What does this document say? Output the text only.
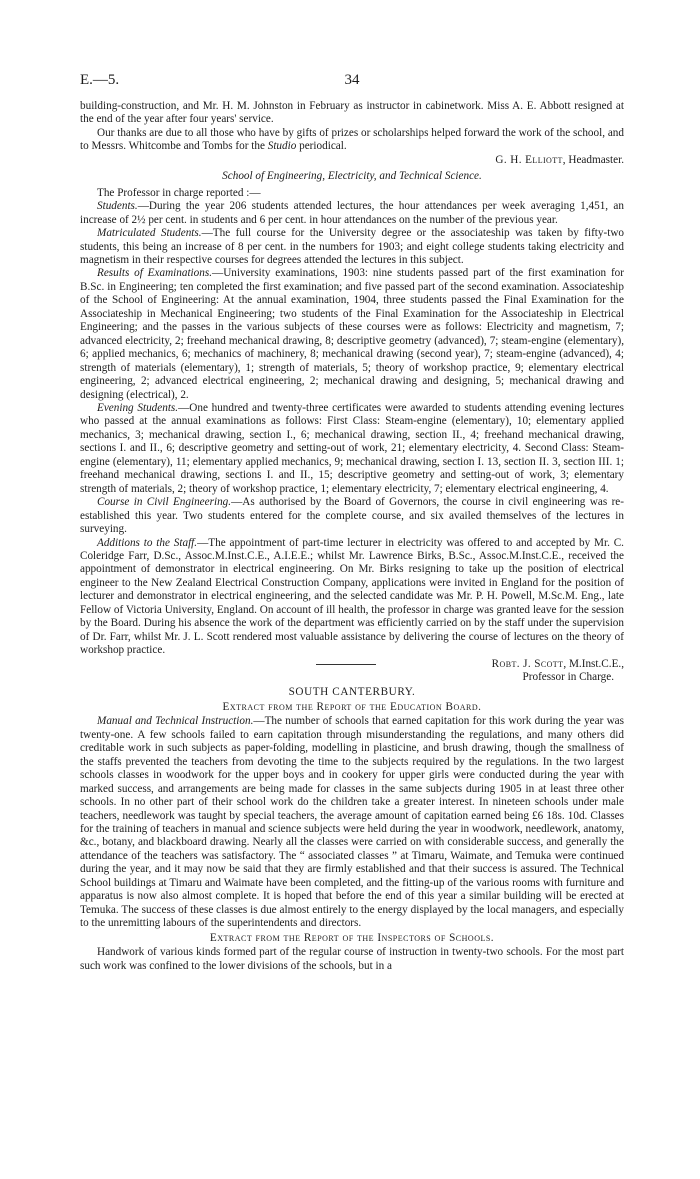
E.—5.	34

building-construction, and Mr. H. M. Johnston in February as instructor in cabinetwork. Miss A. E. Abbott resigned at the end of the year after four years' service.

Our thanks are due to all those who have by gifts of prizes or scholarships helped forward the work of the school, and to Messrs. Whitcombe and Tombs for the Studio periodical.

G. H. Elliott, Headmaster.

School of Engineering, Electricity, and Technical Science.

The Professor in charge reported :—

Students.—During the year 206 students attended lectures, the hour attendances per week averaging 1,451, an increase of 2½ per cent. in students and 6 per cent. in hour attendances on the number of the previous year.

Matriculated Students.—The full course for the University degree or the associateship was taken by fifty-two students, this being an increase of 8 per cent. in the numbers for 1903; and eight college students taking electricity and magnetism in their respective courses for degrees attended the lectures in this subject.

Results of Examinations.—University examinations, 1903: nine students passed part of the first examination for B.Sc. in Engineering; ten completed the first examination; and five passed part of the second examination. Associateship of the School of Engineering: At the annual examination, 1904, three students passed the Final Examination for the Associateship in Mechanical Engineering; two students of the Final Examination for the Associateship in Electrical Engineering; and the passes in the various subjects of these courses were as follows: Electricity and magnetism, 7; advanced electricity, 2; freehand mechanical drawing, 8; descriptive geometry (advanced), 7; steam-engine (elementary), 6; applied mechanics, 6; mechanics of machinery, 8; mechanical drawing (second year), 7; steam-engine (advanced), 4; strength of materials (elementary), 1; strength of materials, 5; theory of workshop practice, 9; elementary electrical engineering, 2; advanced electrical engineering, 2; mechanical drawing and designing, 5; mechanical drawing and designing (electrical), 2.

Evening Students.—One hundred and twenty-three certificates were awarded to students attending evening lectures who passed at the annual examinations as follows: First Class: Steam-engine (elementary), 10; elementary applied mechanics, 3; mechanical drawing, section I., 6; mechanical drawing, section II., 4; freehand mechanical drawing, sections I. and II., 6; descriptive geometry and setting-out of work, 21; elementary electricity, 4. Second Class: Steam-engine (elementary), 11; elementary applied mechanics, 9; mechanical drawing, section I. 13, section II. 3, section III. 1; freehand mechanical drawing, sections I. and II., 15; descriptive geometry and setting-out of work, 3; elementary strength of materials, 2; theory of workshop practice, 1; elementary electricity, 7; elementary electrical engineering, 4.

Course in Civil Engineering.—As authorised by the Board of Governors, the course in civil engineering was re-established this year. Two students entered for the complete course, and six availed themselves of the lectures in surveying.

Additions to the Staff.—The appointment of part-time lecturer in electricity was offered to and accepted by Mr. C. Coleridge Farr, D.Sc., Assoc.M.Inst.C.E., A.I.E.E.; whilst Mr. Lawrence Birks, B.Sc., Assoc.M.Inst.C.E., received the appointment of demonstrator in electrical engineering. On Mr. Birks resigning to take up the position of electrical engineer to the New Zealand Electrical Construction Company, applications were invited in England for the position of lecturer and demonstrator in electrical engineering, and the selected candidate was Mr. P. H. Powell, M.Sc.M. Eng., late Fellow of Victoria University, England. On account of ill health, the professor in charge was granted leave for the session by the Board. During his absence the work of the department was efficiently carried on by the staff under the supervision of Dr. Farr, whilst Mr. J. L. Scott rendered most valuable assistance by delivering the course of lectures on the theory of workshop practice.

Robt. J. Scott, M.Inst.C.E.,

Professor in Charge.

SOUTH CANTERBURY.
Extract from the Report of the Education Board.

Manual and Technical Instruction.—The number of schools that earned capitation for this work during the year was twenty-one. A few schools failed to earn capitation through misunderstanding the regulations, and many others did creditable work in such subjects as paper-folding, modelling in plasticine, and brush drawing, though the smallness of the staffs prevented the teachers from devoting the time to the subjects required by the regulations. In the two largest schools classes in woodwork for the upper boys and in cookery for upper girls were conducted during the year with marked success, and arrangements are being made for classes in the same subjects during 1905 in at least three other schools. In no other part of their school work do the children take a greater interest. In nineteen schools under male teachers, needlework was taught by special teachers, the average amount of capitation earned being £6 18s. 10d. Classes for the training of teachers in manual and science subjects were held during the year in woodwork, needlework, anatomy, &c., botany, and blackboard drawing. Nearly all the classes were carried on with considerable success, and generally the attendance of the teachers was satisfactory. The “ associated classes ” at Timaru, Waimate, and Temuka were continued during the year, and it may now be said that they are firmly established and that their success is assured. The Technical School buildings at Timaru and Waimate have been completed, and the fitting-up of the various rooms with furniture and apparatus is now also almost complete. It is hoped that before the end of this year a similar building will be erected at Temuka. The success of these classes is due almost entirely to the energy displayed by the local managers, and especially to the unremitting labours of the superintendents and directors.

Extract from the Report of the Inspectors of Schools.

Handwork of various kinds formed part of the regular course of instruction in twenty-two schools. For the most part such work was confined to the lower divisions of the schools, but in a
